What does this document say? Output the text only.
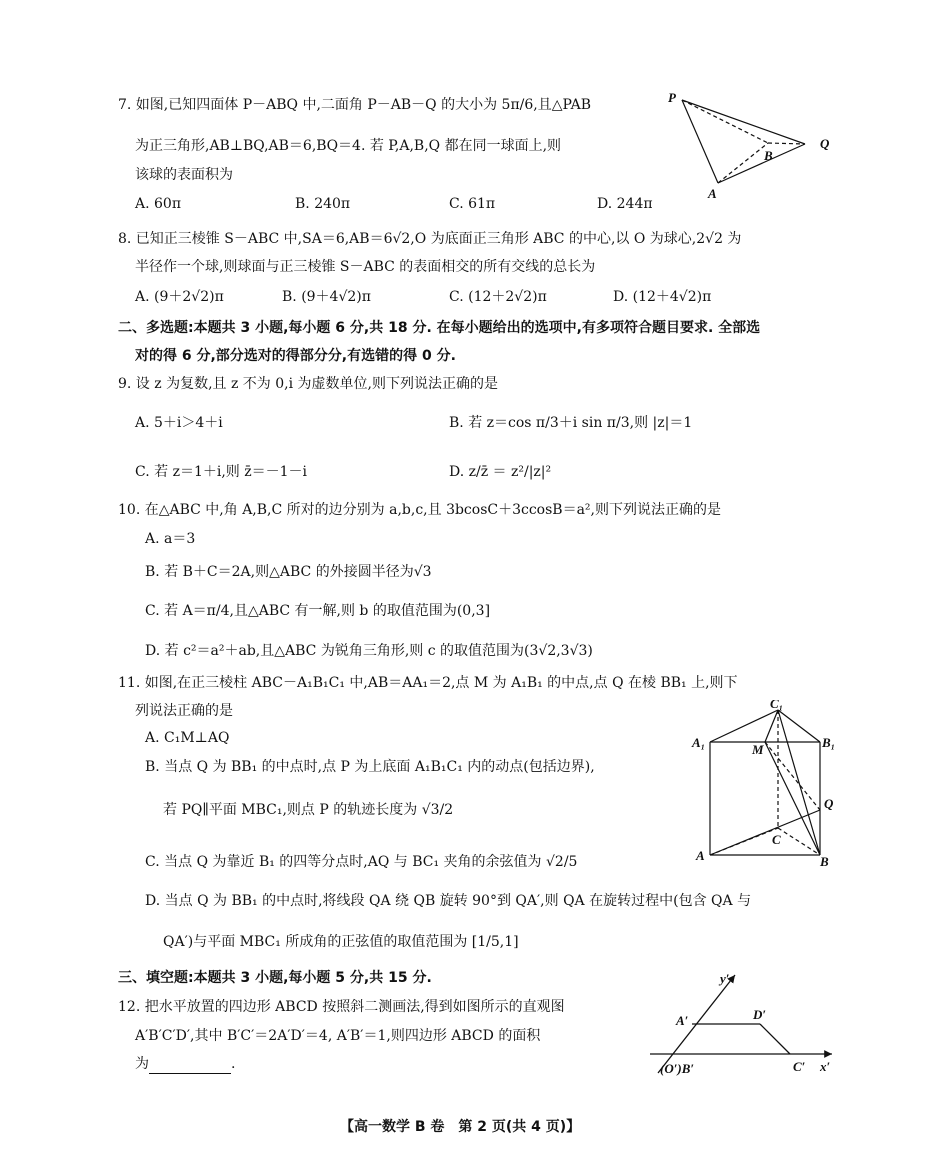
7. 如图,已知四面体 P－ABQ 中,二面角 P－AB－Q 的大小为 5π/6,且△PAB
为正三角形,AB⊥BQ,AB＝6,BQ＝4. 若 P,A,B,Q 都在同一球面上,则
该球的表面积为
A. 60π	B. 240π	C. 61π	D. 244π
P
Q
B
A
8. 已知正三棱锥 S－ABC 中,SA＝6,AB＝6√2,O 为底面正三角形 ABC 的中心,以 O 为球心,2√2 为
半径作一个球,则球面与正三棱锥 S－ABC 的表面相交的所有交线的总长为
A. (9＋2√2)π	B. (9＋4√2)π	C. (12＋2√2)π	D. (12＋4√2)π
二、多选题:本题共 3 小题,每小题 6 分,共 18 分. 在每小题给出的选项中,有多项符合题目要求. 全部选
对的得 6 分,部分选对的得部分分,有选错的得 0 分.
9. 设 z 为复数,且 z 不为 0,i 为虚数单位,则下列说法正确的是
A. 5＋i＞4＋i	B. 若 z＝cos π/3＋i sin π/3,则 |z|＝1
C. 若 z＝1＋i,则 z̄＝－1－i	D. z/z̄ ＝ z²/|z|²
10. 在△ABC 中,角 A,B,C 所对的边分别为 a,b,c,且 3bcosC＋3ccosB＝a²,则下列说法正确的是
A. a＝3
B. 若 B＋C＝2A,则△ABC 的外接圆半径为√3
C. 若 A＝π/4,且△ABC 有一解,则 b 的取值范围为(0,3]
D. 若 c²＝a²＋ab,且△ABC 为锐角三角形,则 c 的取值范围为(3√2,3√3)
11. 如图,在正三棱柱 ABC－A₁B₁C₁ 中,AB＝AA₁＝2,点 M 为 A₁B₁ 的中点,点 Q 在棱 BB₁ 上,则下
列说法正确的是
A. C₁M⊥AQ
B. 当点 Q 为 BB₁ 的中点时,点 P 为上底面 A₁B₁C₁ 内的动点(包括边界),
若 PQ∥平面 MBC₁,则点 P 的轨迹长度为 √3/2
C. 当点 Q 为靠近 B₁ 的四等分点时,AQ 与 BC₁ 夹角的余弦值为 √2/5
D. 当点 Q 为 BB₁ 的中点时,将线段 QA 绕 QB 旋转 90°到 QA′,则 QA 在旋转过程中(包含 QA 与
QA′)与平面 MBC₁ 所成角的正弦值的取值范围为 [1/5,1]
C₁
A₁	M	B₁
Q
C
A	B
三、填空题:本题共 3 小题,每小题 5 分,共 15 分.
12. 把水平放置的四边形 ABCD 按照斜二测画法,得到如图所示的直观图
A′B′C′D′,其中 B′C′＝2A′D′＝4, A′B′＝1,则四边形 ABCD 的面积
为	.
y′
A′	D′
(O′)B′	C′ x′
【高一数学 B 卷　第 2 页(共 4 页)】
